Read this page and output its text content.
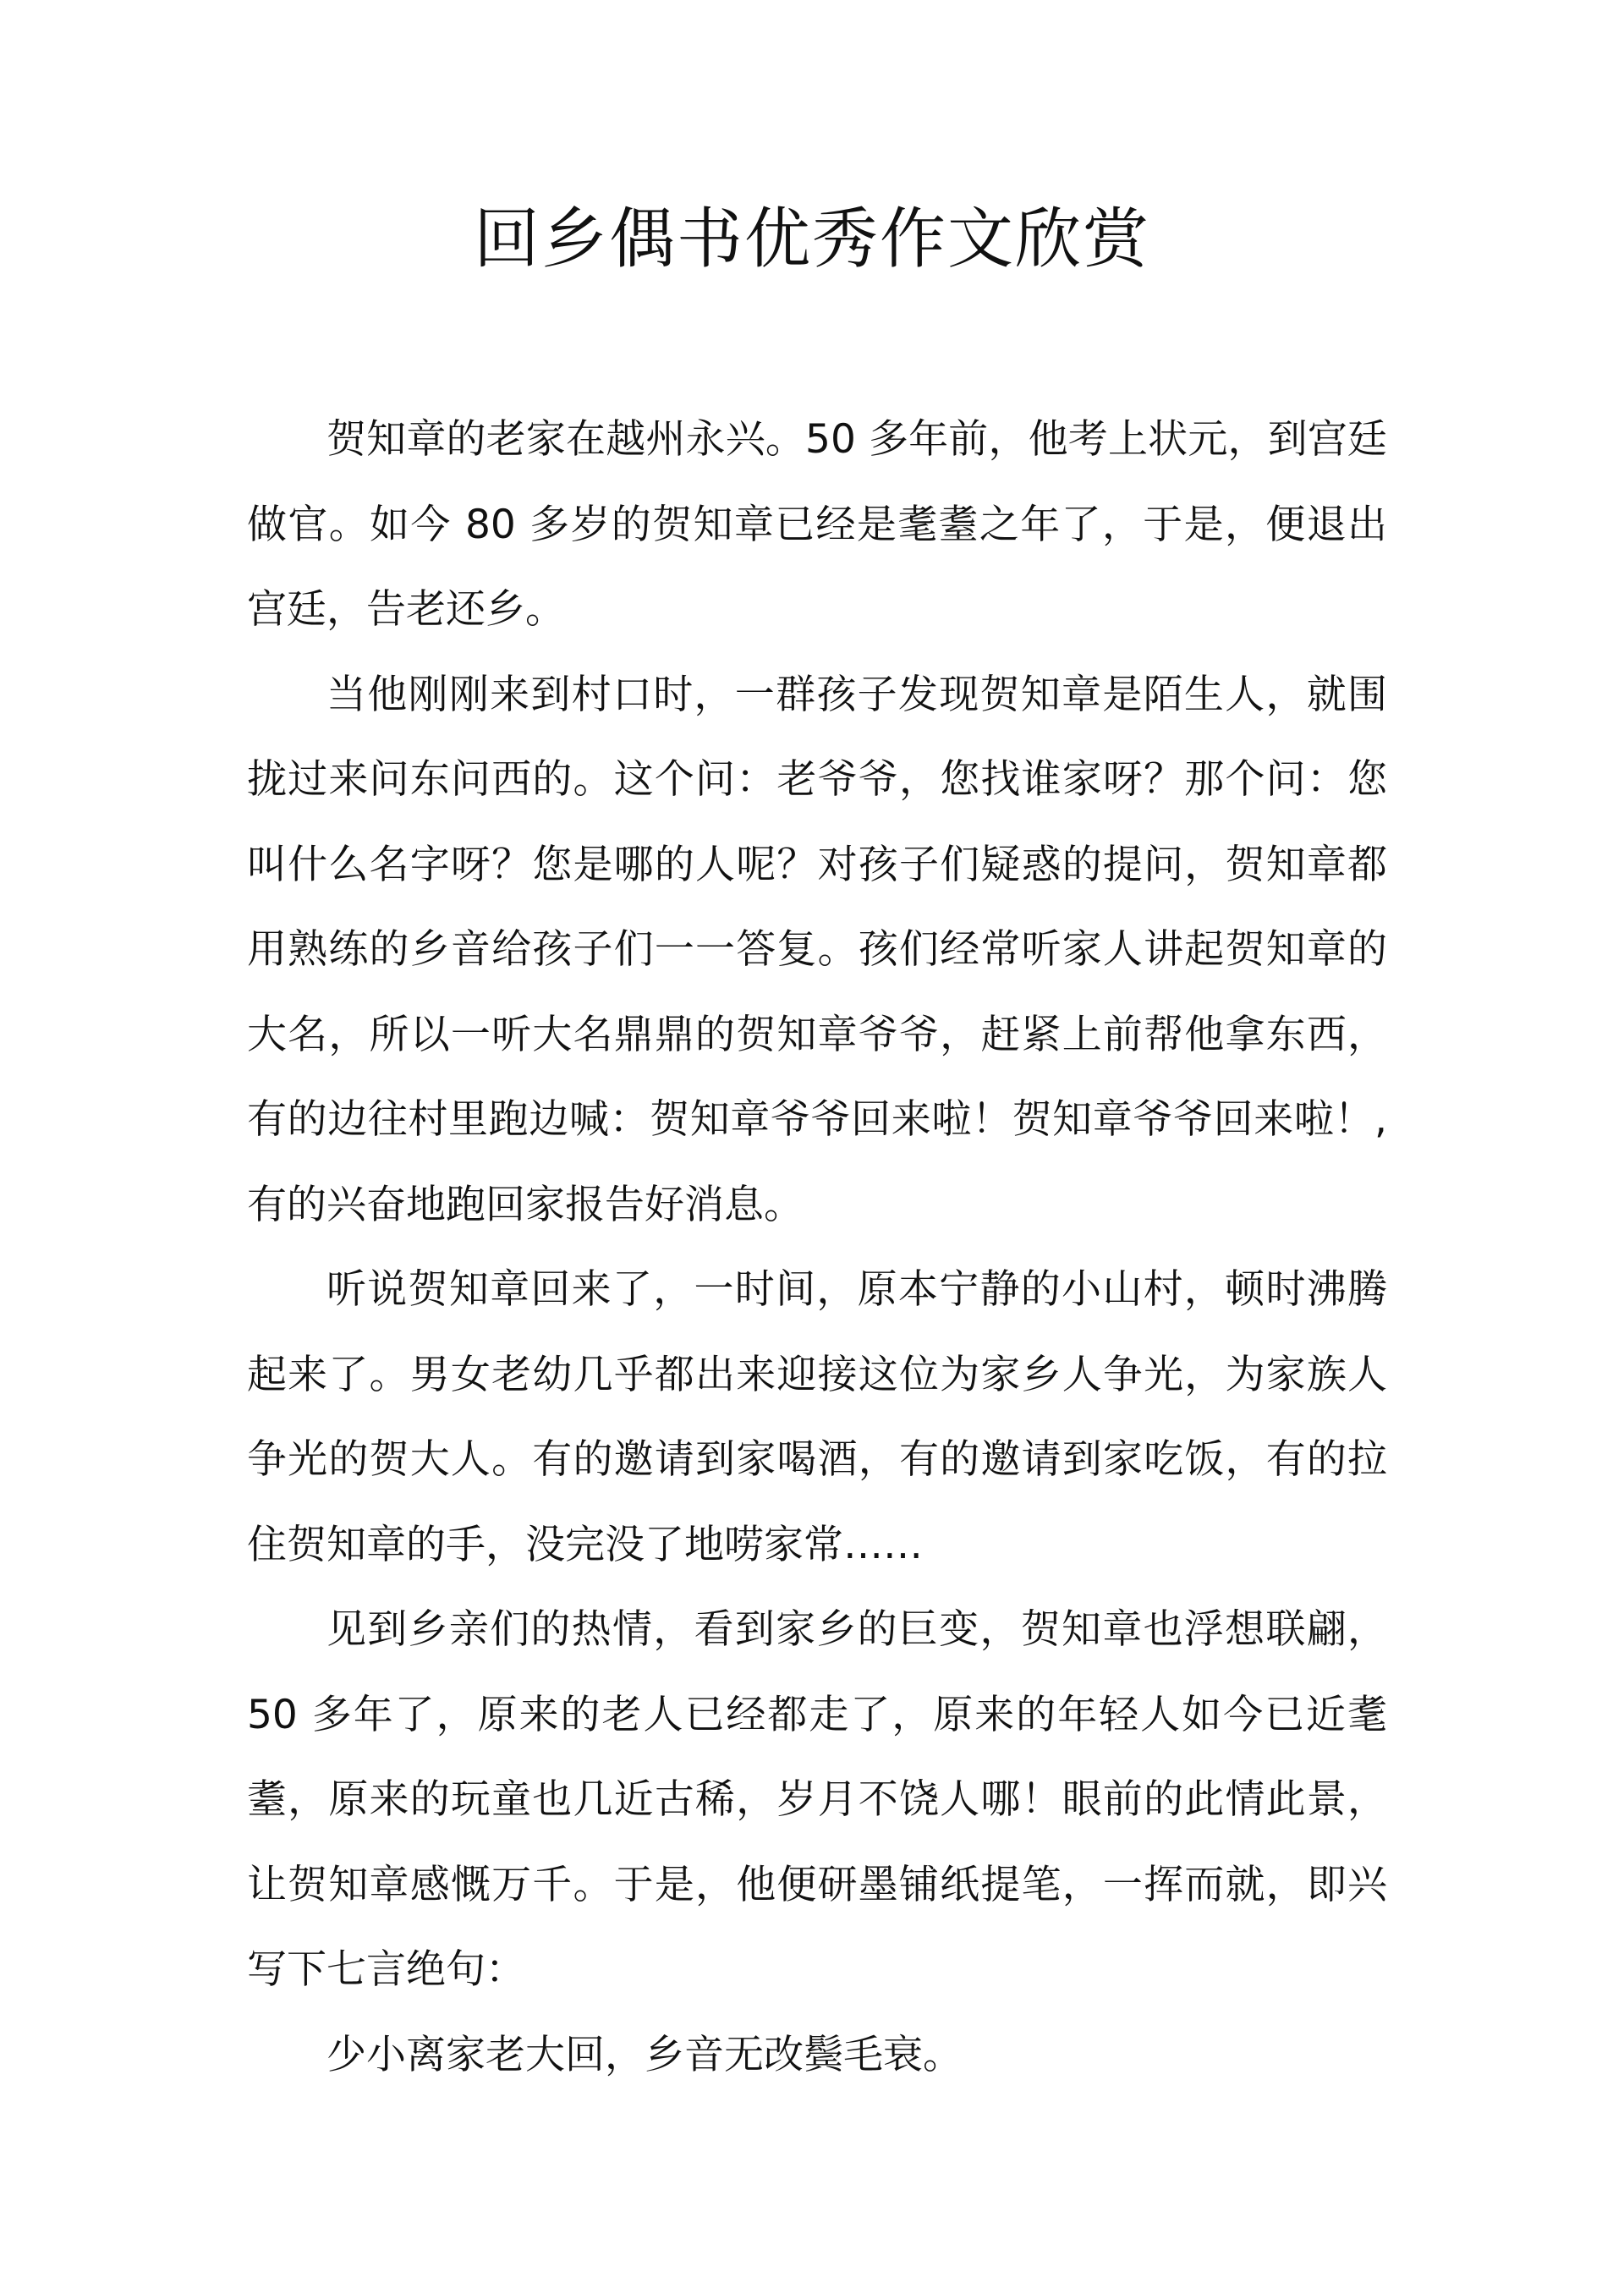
回乡偶书优秀作文欣赏

贺知章的老家在越州永兴。50 多年前，他考上状元，到宫廷做官。如今 80 多岁的贺知章已经是耄耋之年了，于是，便退出宫廷，告老还乡。

当他刚刚来到村口时，一群孩子发现贺知章是陌生人，就围拢过来问东问西的。这个问：老爷爷，您找谁家呀？那个问：您叫什么名字呀？您是哪的人呢？对孩子们疑惑的提问，贺知章都用熟练的乡音给孩子们一一答复。孩们经常听家人讲起贺知章的大名，所以一听大名鼎鼎的贺知章爷爷，赶紧上前帮他拿东西，有的边往村里跑边喊：贺知章爷爷回来啦！贺知章爷爷回来啦！,有的兴奋地跑回家报告好消息。

听说贺知章回来了，一时间，原本宁静的小山村，顿时沸腾起来了。男女老幼几乎都出来迎接这位为家乡人争光，为家族人争光的贺大人。有的邀请到家喝酒，有的邀请到家吃饭，有的拉住贺知章的手，没完没了地唠家常……

见到乡亲们的热情，看到家乡的巨变，贺知章也浮想联翩，50 多年了，原来的老人已经都走了，原来的年轻人如今已近耄耋，原来的玩童也几近古稀，岁月不饶人哪！眼前的此情此景，让贺知章感慨万千。于是，他便研墨铺纸提笔，一挥而就，即兴写下七言绝句：

少小离家老大回，乡音无改鬓毛衰。
